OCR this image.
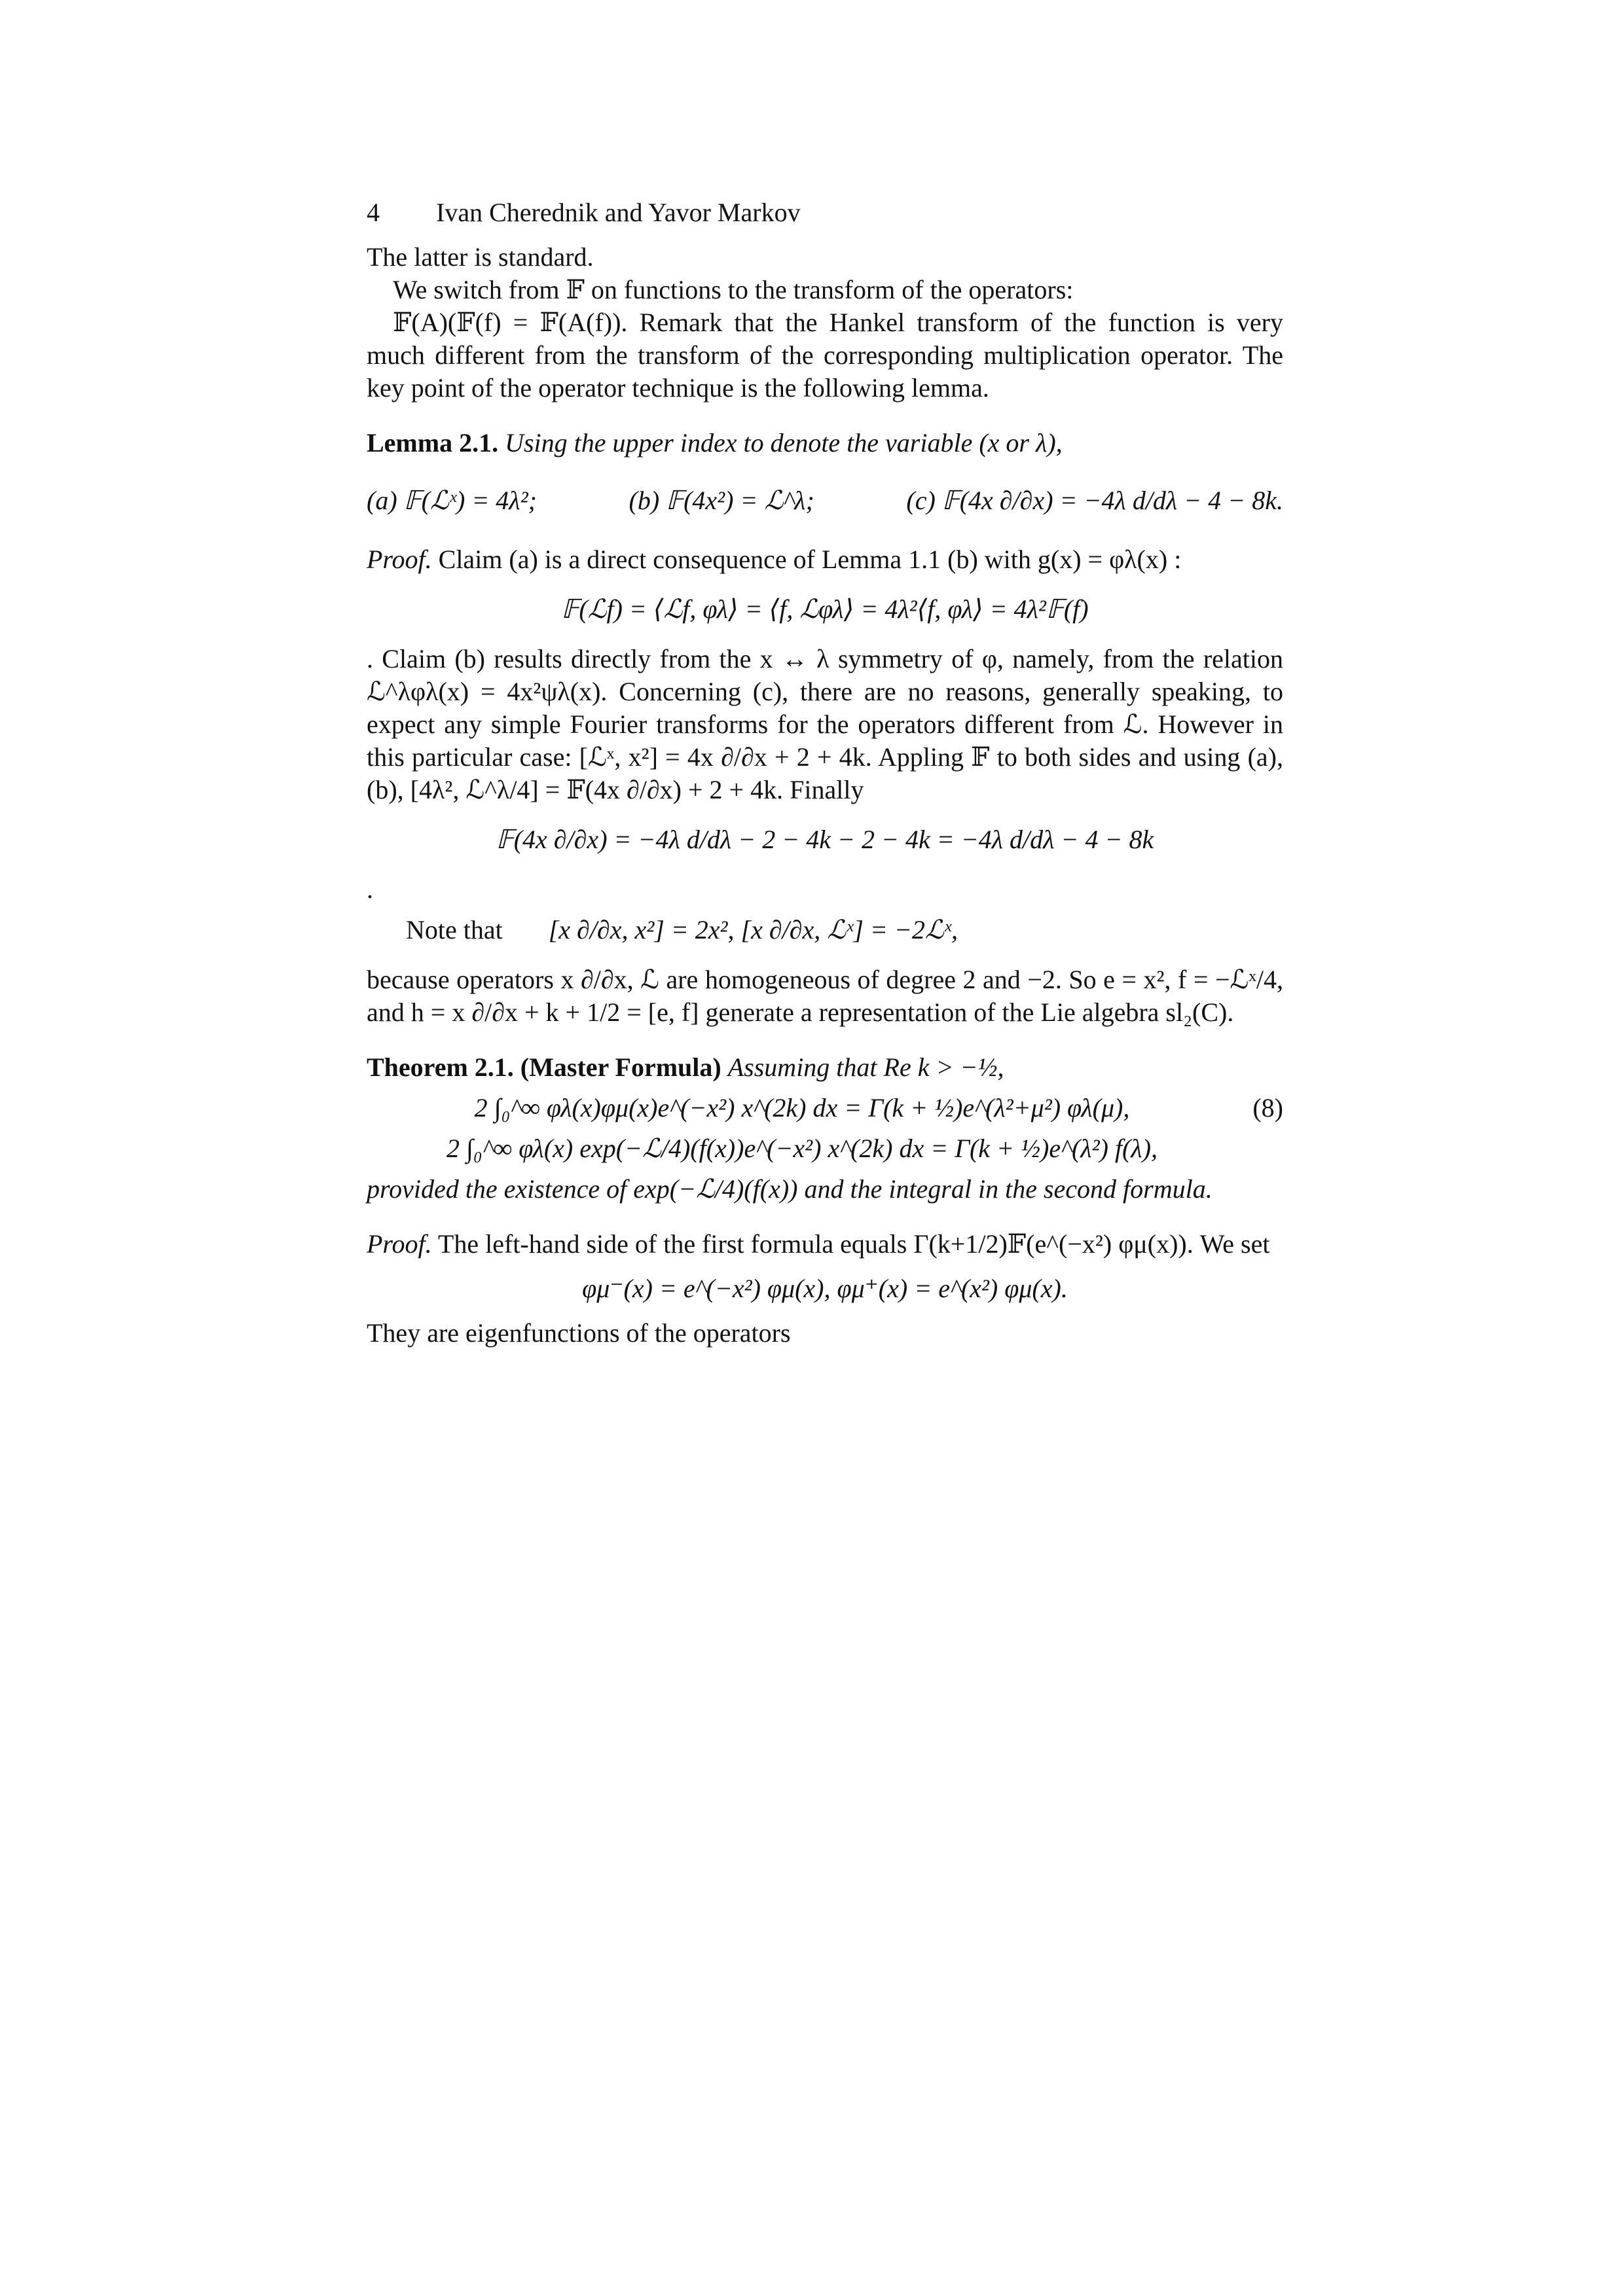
4 Ivan Cherednik and Yavor Markov

The latter is standard.

We switch from 𝔽 on functions to the transform of the operators:

𝔽(A)(𝔽(f) = 𝔽(A(f)). Remark that the Hankel transform of the function is very much different from the transform of the corresponding multiplication operator. The key point of the operator technique is the following lemma.

Lemma 2.1. Using the upper index to denote the variable (x or λ),

(a) 𝔽(ℒˣ) = 4λ²;	(b) 𝔽(4x²) = ℒ^λ;	(c) 𝔽(4x ∂/∂x) = −4λ d/dλ − 4 − 8k.

Proof. Claim (a) is a direct consequence of Lemma 1.1 (b) with g(x) = φλ(x) :

𝔽(ℒf) = ⟨ℒf, φλ⟩ = ⟨f, ℒφλ⟩ = 4λ²⟨f, φλ⟩ = 4λ²𝔽(f)

. Claim (b) results directly from the x ↔ λ symmetry of φ, namely, from the relation ℒ^λφλ(x) = 4x²ψλ(x). Concerning (c), there are no reasons, generally speaking, to expect any simple Fourier transforms for the operators different from ℒ. However in this particular case: [ℒˣ, x²] = 4x ∂/∂x + 2 + 4k. Appling 𝔽 to both sides and using (a), (b), [4λ², ℒ^λ/4] = 𝔽(4x ∂/∂x) + 2 + 4k. Finally

𝔽(4x ∂/∂x) = −4λ d/dλ − 2 − 4k − 2 − 4k = −4λ d/dλ − 4 − 8k
.
Note that [x ∂/∂x, x²] = 2x², [x ∂/∂x, ℒˣ] = −2ℒˣ,

because operators x ∂/∂x, ℒ are homogeneous of degree 2 and −2. So e = x², f = −ℒˣ/4, and h = x ∂/∂x + k + 1/2 = [e, f] generate a representation of the Lie algebra sl₂(C).

Theorem 2.1. (Master Formula) Assuming that Re k > −½,

2 ∫₀^∞ φλ(x)φμ(x)e^(−x²) x^(2k) dx = Γ(k + ½)e^(λ²+μ²) φλ(μ),	(8)
2 ∫₀^∞ φλ(x) exp(−ℒ/4)(f(x))e^(−x²) x^(2k) dx = Γ(k + ½)e^(λ²) f(λ),

provided the existence of exp(−ℒ/4)(f(x)) and the integral in the second formula.

Proof. The left-hand side of the first formula equals Γ(k+1/2)𝔽(e^(−x²) φμ(x)). We set

φμ⁻(x) = e^(−x²) φμ(x), φμ⁺(x) = e^(x²) φμ(x).

They are eigenfunctions of the operators
